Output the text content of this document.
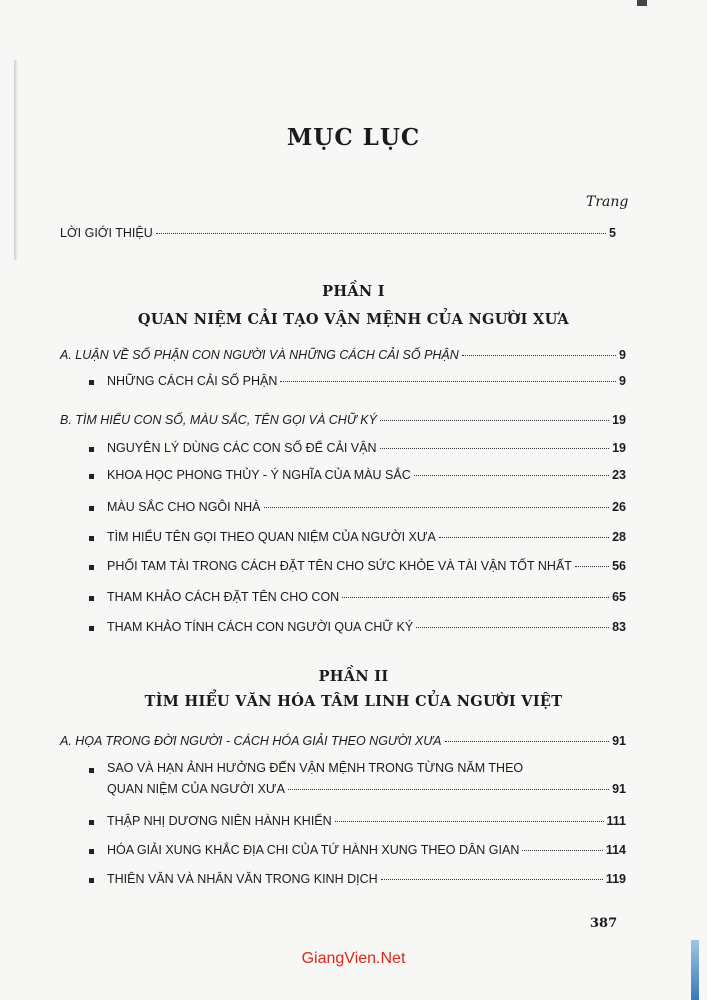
MỤC LỤC
Trang
LỜI GIỚI THIỆU	5
PHẦN I
QUAN NIỆM CẢI TẠO VẬN MỆNH CỦA NGƯỜI XƯA
A. LUẬN VỀ SỐ PHẬN CON NGƯỜI VÀ NHỮNG CÁCH CẢI SỐ PHẬN	9
NHỮNG CÁCH CẢI SỐ PHẬN	9
B. TÌM HIỂU CON SỐ, MÀU SẮC, TÊN GỌI VÀ CHỮ KÝ	19
NGUYÊN LÝ DÙNG CÁC CON SỐ ĐỂ CẢI VẬN	19
KHOA HỌC PHONG THỦY - Ý NGHĨA CỦA MÀU SẮC	23
MÀU SẮC CHO NGÔI NHÀ	26
TÌM HIỂU TÊN GỌI THEO QUAN NIỆM CỦA NGƯỜI XƯA	28
PHỐI TAM TÀI TRONG CÁCH ĐẶT TÊN CHO SỨC KHỎE VÀ TÀI VẬN TỐT NHẤT	56
THAM KHẢO CÁCH ĐẶT TÊN CHO CON	65
THAM KHẢO TÍNH CÁCH CON NGƯỜI QUA CHỮ KÝ	83
PHẦN II
TÌM HIỂU VĂN HÓA TÂM LINH CỦA NGƯỜI VIỆT
A. HỌA TRONG ĐỜI NGƯỜI - CÁCH HÓA GIẢI THEO NGƯỜI XƯA	91
SAO VÀ HẠN ẢNH HƯỞNG ĐẾN VẬN MỆNH TRONG TỪNG NĂM THEO
QUAN NIỆM CỦA NGƯỜI XƯA	91
THẬP NHỊ DƯƠNG NIÊN HÀNH KHIỂN	111
HÓA GIẢI XUNG KHẮC ĐỊA CHI CỦA TỨ HÀNH XUNG THEO DÂN GIAN	114
THIÊN VĂN VÀ NHÂN VĂN TRONG KINH DỊCH	119
387
GiangVien.Net
